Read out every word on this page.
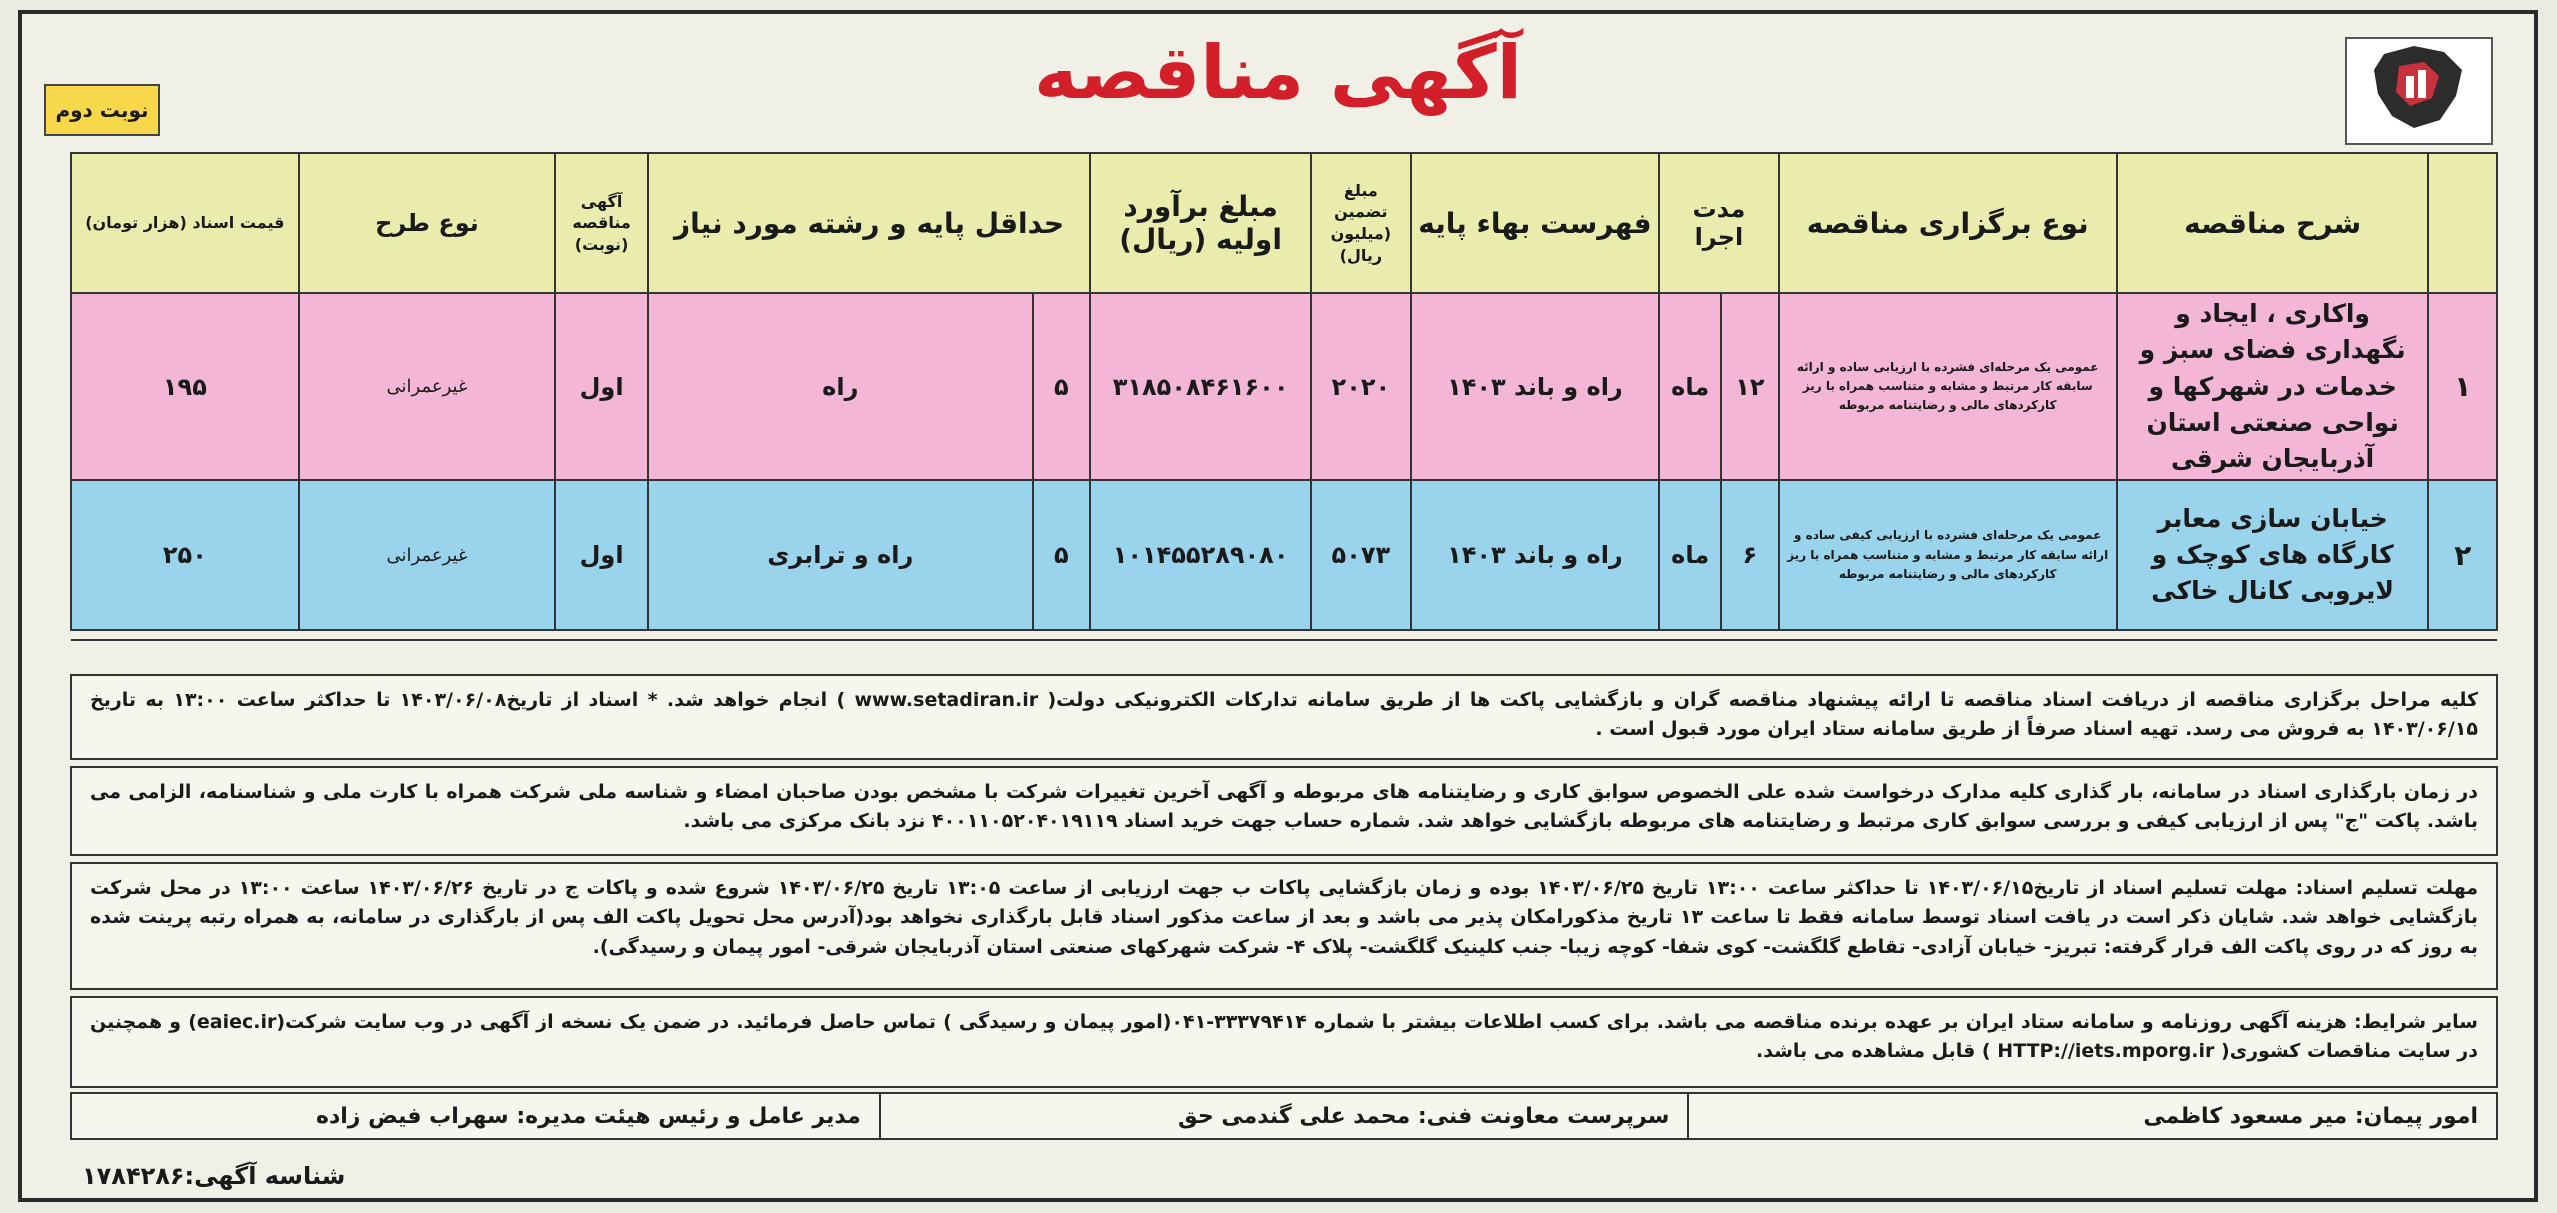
آگهی مناقصه
نوبت دوم
	شرح مناقصه	نوع برگزاری مناقصه	مدت اجرا		فهرست بهاء پایه	مبلغ تضمین (میلیون ریال)	مبلغ برآورد اولیه (ریال)	حداقل پایه و رشته مورد نیاز		آگهی مناقصه (نوبت)	نوع طرح	قیمت اسناد (هزار تومان)
۱	واکاری ، ایجاد و نگهداری فضای سبز و خدمات در شهرکها و نواحی صنعتی استان آذربایجان شرقی	عمومی یک مرحله‌ای فشرده با ارزیابی ساده و ارائه سابقه کار مرتبط و مشابه و متناسب همراه با ریز کارکردهای مالی و رضایتنامه مربوطه	۱۲	ماه	راه و باند ۱۴۰۳	۲۰۲۰	۳۱۸۵۰۸۴۶۱۶۰۰	۵	راه	اول	غیرعمرانی	۱۹۵
۲	خیابان سازی معابر کارگاه های کوچک و لایروبی کانال خاکی	عمومی یک مرحله‌ای فشرده با ارزیابی کیفی ساده و ارائه سابقه کار مرتبط و مشابه و متناسب همراه با ریز کارکردهای مالی و رضایتنامه مربوطه	۶	ماه	راه و باند ۱۴۰۳	۵۰۷۳	۱۰۱۴۵۵۲۸۹۰۸۰	۵	راه و ترابری	اول	غیرعمرانی	۲۵۰

کلیه مراحل برگزاری مناقصه از دریافت اسناد مناقصه تا ارائه پیشنهاد مناقصه گران و بازگشایی پاکت ها از طریق سامانه تدارکات الکترونیکی دولت( www.setadiran.ir ) انجام خواهد شد. * اسناد از تاریخ۱۴۰۳/۰۶/۰۸ تا حداکثر ساعت ۱۳:۰۰ به تاریخ ۱۴۰۳/۰۶/۱۵ به فروش می رسد. تهیه اسناد صرفاً از طریق سامانه ستاد ایران مورد قبول است .
در زمان بارگذاری اسناد در سامانه، بار گذاری کلیه مدارک درخواست شده علی الخصوص سوابق کاری و رضایتنامه های مربوطه و آگهی آخرین تغییرات شرکت با مشخص بودن صاحبان امضاء و شناسه ملی شرکت همراه با کارت ملی و شناسنامه، الزامی می باشد. پاکت "ج" پس از ارزیابی کیفی و بررسی سوابق کاری مرتبط و رضایتنامه های مربوطه بازگشایی خواهد شد. شماره حساب جهت خرید اسناد ۴۰۰۱۱۰۵۲۰۴۰۱۹۱۱۹ نزد بانک مرکزی می باشد.
مهلت تسلیم اسناد: مهلت تسلیم اسناد از تاریخ۱۴۰۳/۰۶/۱۵ تا حداکثر ساعت ۱۳:۰۰ تاریخ ۱۴۰۳/۰۶/۲۵ بوده و زمان بازگشایی پاکات ب جهت ارزیابی از ساعت ۱۳:۰۵ تاریخ ۱۴۰۳/۰۶/۲۵ شروع شده و پاکات ج در تاریخ ۱۴۰۳/۰۶/۲۶ ساعت ۱۳:۰۰ در محل شرکت بازگشایی خواهد شد. شایان ذکر است در یافت اسناد توسط سامانه فقط تا ساعت ۱۳ تاریخ مذکورامکان پذیر می باشد و بعد از ساعت مذکور اسناد قابل بارگذاری نخواهد بود(آدرس محل تحویل پاکت الف پس از بارگذاری در سامانه، به همراه رتبه پرینت شده به روز که در روی پاکت الف قرار گرفته: تبریز- خیابان آزادی- تقاطع گلگشت- کوی شفا- کوچه زیبا- جنب کلینیک گلگشت- پلاک ۴- شرکت شهرکهای صنعتی استان آذربایجان شرقی- امور پیمان و رسیدگی).
سایر شرایط: هزینه آگهی روزنامه و سامانه ستاد ایران بر عهده برنده مناقصه می باشد. برای کسب اطلاعات بیشتر با شماره ۳۳۳۷۹۴۱۴-۰۴۱(امور پیمان و رسیدگی ) تماس حاصل فرمائید. در ضمن یک نسخه از آگهی در وب سایت شرکت(eaiec.ir) و همچنین در سایت مناقصات کشوری( HTTP://iets.mporg.ir ) قابل مشاهده می باشد.
امور پیمان: میر مسعود کاظمی	سرپرست معاونت فنی: محمد علی گندمی حق	مدیر عامل و رئیس هیئت مدیره: سهراب فیض زاده
شناسه آگهی:۱۷۸۴۲۸۶
